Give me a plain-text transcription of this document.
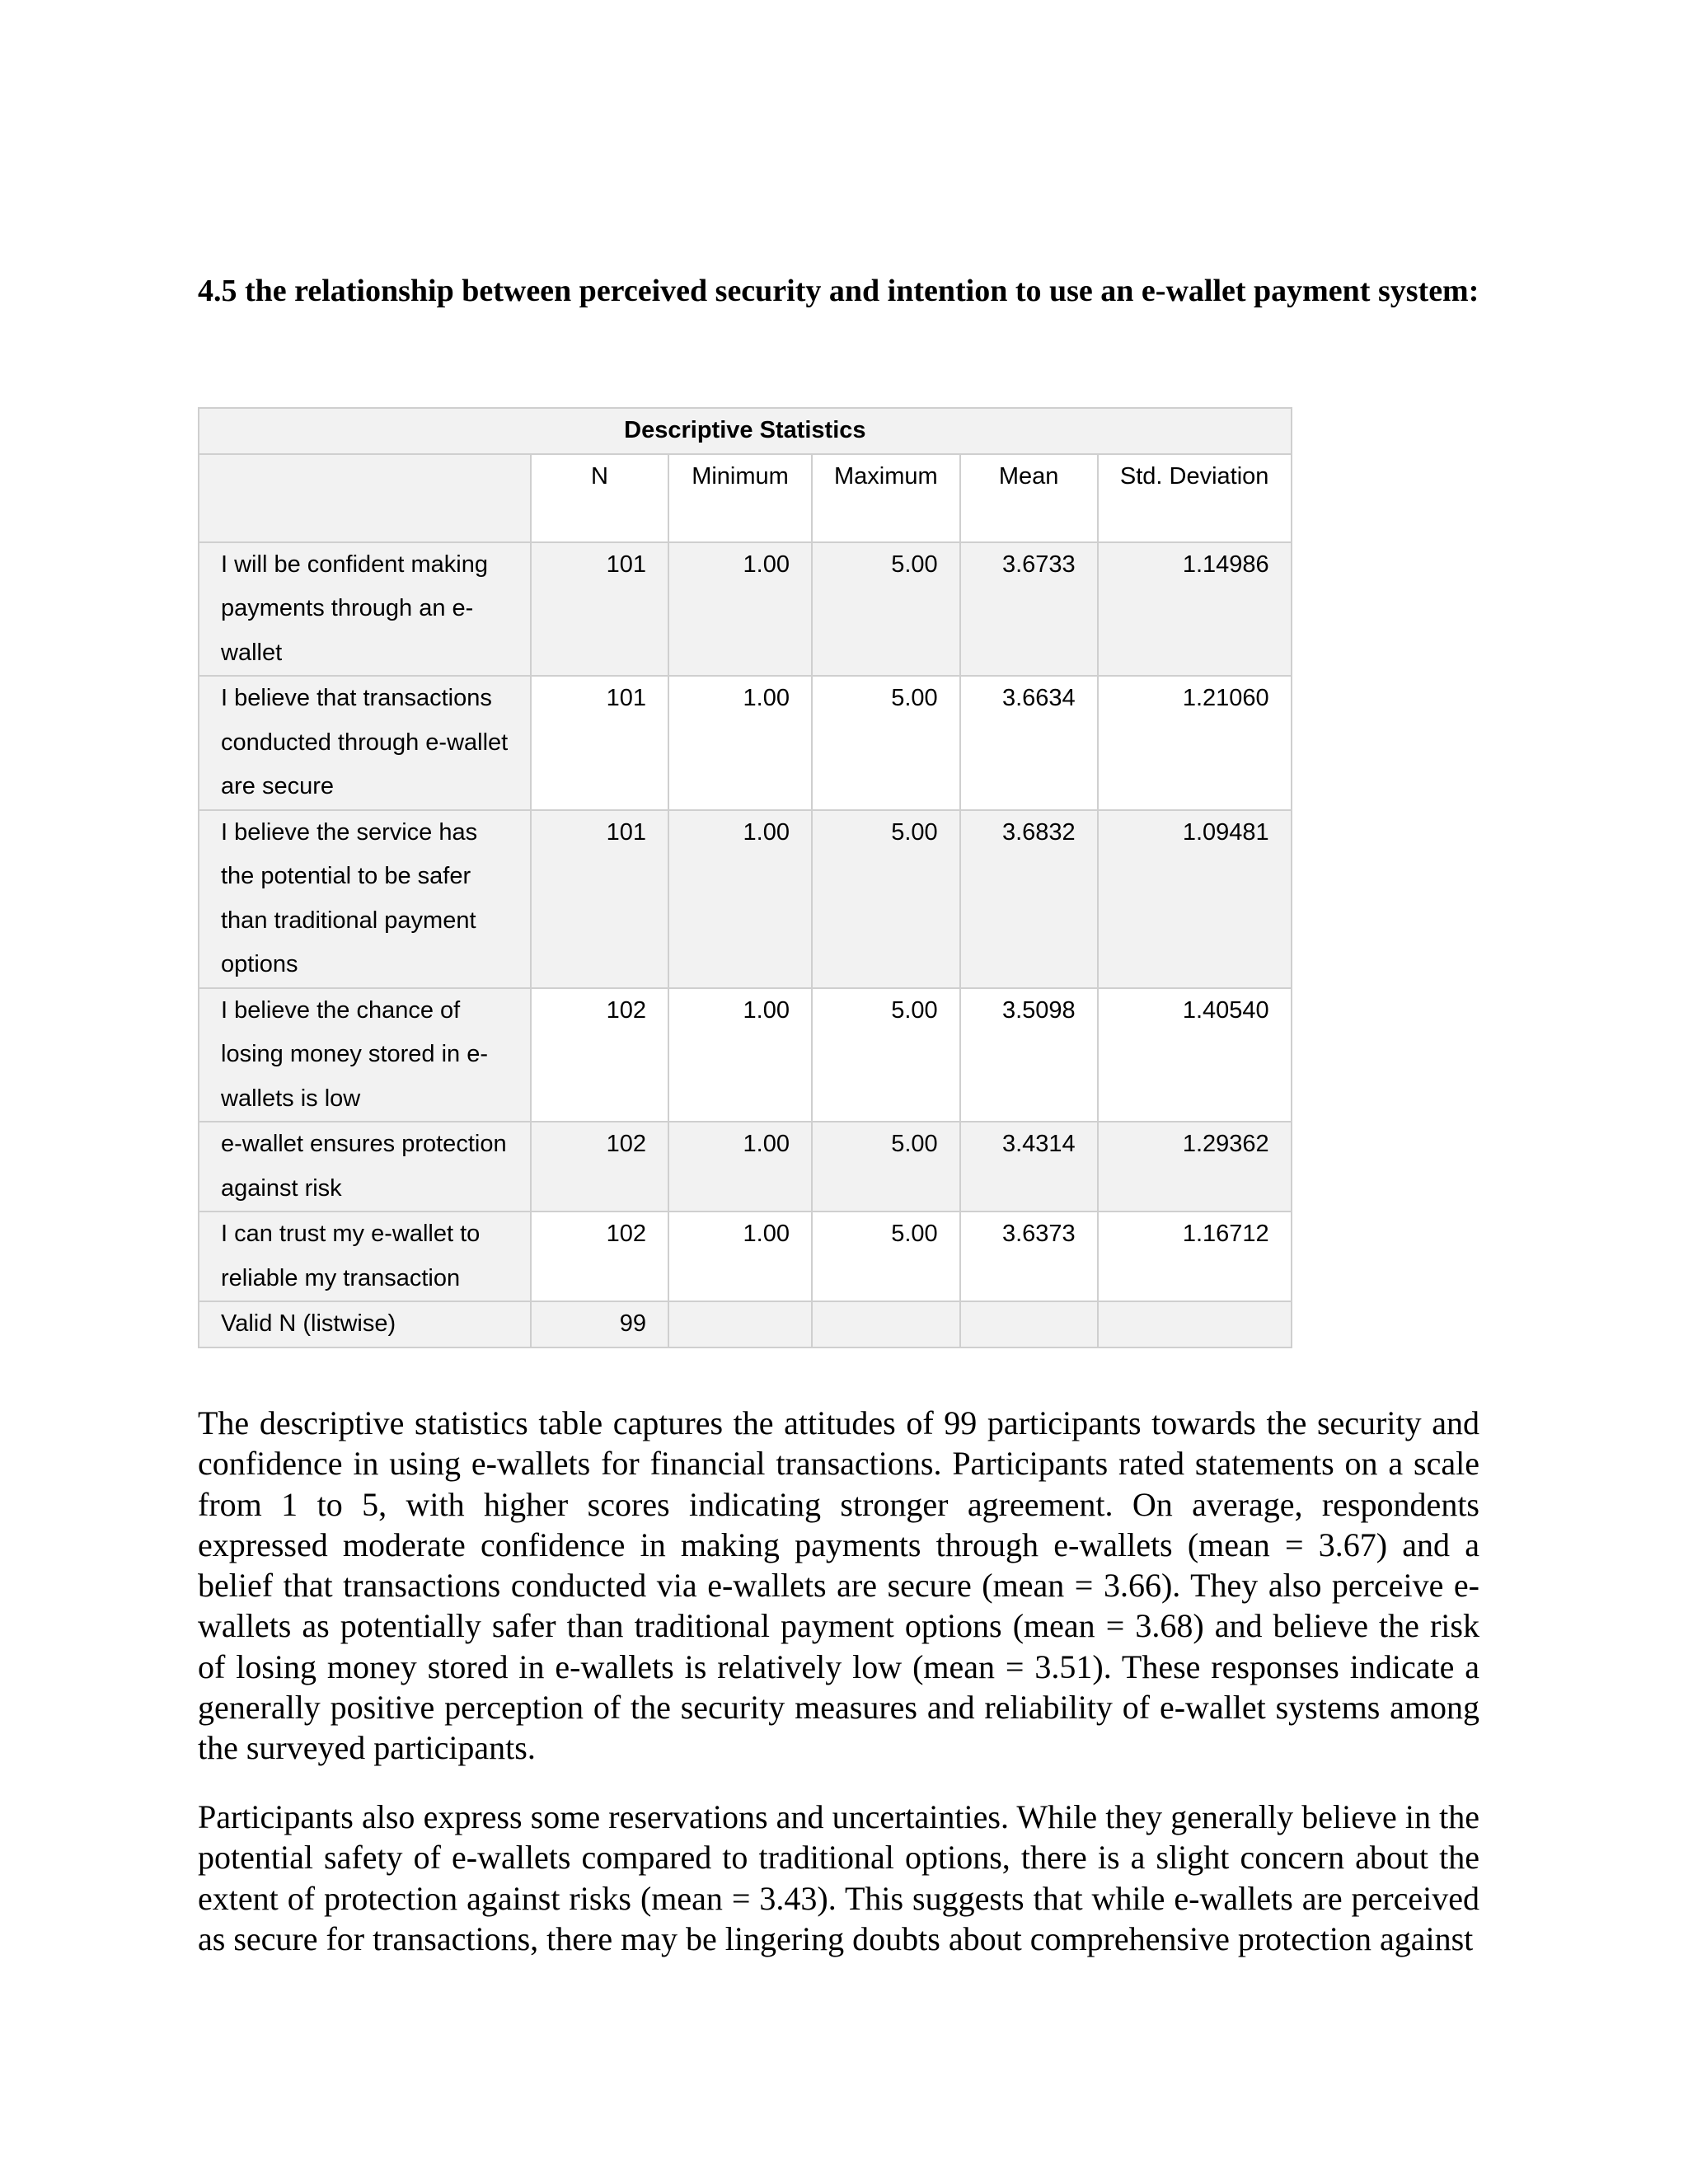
4.5 the relationship between perceived security and intention to use an e-wallet payment system:
Descriptive Statistics					
	N	Minimum	Maximum	Mean	Std. Deviation
I will be confident making payments through an e-wallet	101	1.00	5.00	3.6733	1.14986
I believe that transactions conducted through e-wallet are secure	101	1.00	5.00	3.6634	1.21060
I believe the service has the potential to be safer than traditional payment options	101	1.00	5.00	3.6832	1.09481
I believe the chance of losing money stored in e-wallets is low	102	1.00	5.00	3.5098	1.40540
e-wallet ensures protection against risk	102	1.00	5.00	3.4314	1.29362
I can trust my e-wallet to reliable my transaction	102	1.00	5.00	3.6373	1.16712
Valid N (listwise)	99				

The descriptive statistics table captures the attitudes of 99 participants towards the security and confidence in using e-wallets for financial transactions. Participants rated statements on a scale from 1 to 5, with higher scores indicating stronger agreement. On average, respondents expressed moderate confidence in making payments through e-wallets (mean = 3.67) and a belief that transactions conducted via e-wallets are secure (mean = 3.66). They also perceive e-wallets as potentially safer than traditional payment options (mean = 3.68) and believe the risk of losing money stored in e-wallets is relatively low (mean = 3.51). These responses indicate a generally positive perception of the security measures and reliability of e-wallet systems among the surveyed participants.

Participants also express some reservations and uncertainties. While they generally believe in the potential safety of e-wallets compared to traditional options, there is a slight concern about the extent of protection against risks (mean = 3.43). This suggests that while e-wallets are perceived as secure for transactions, there may be lingering doubts about comprehensive protection against
